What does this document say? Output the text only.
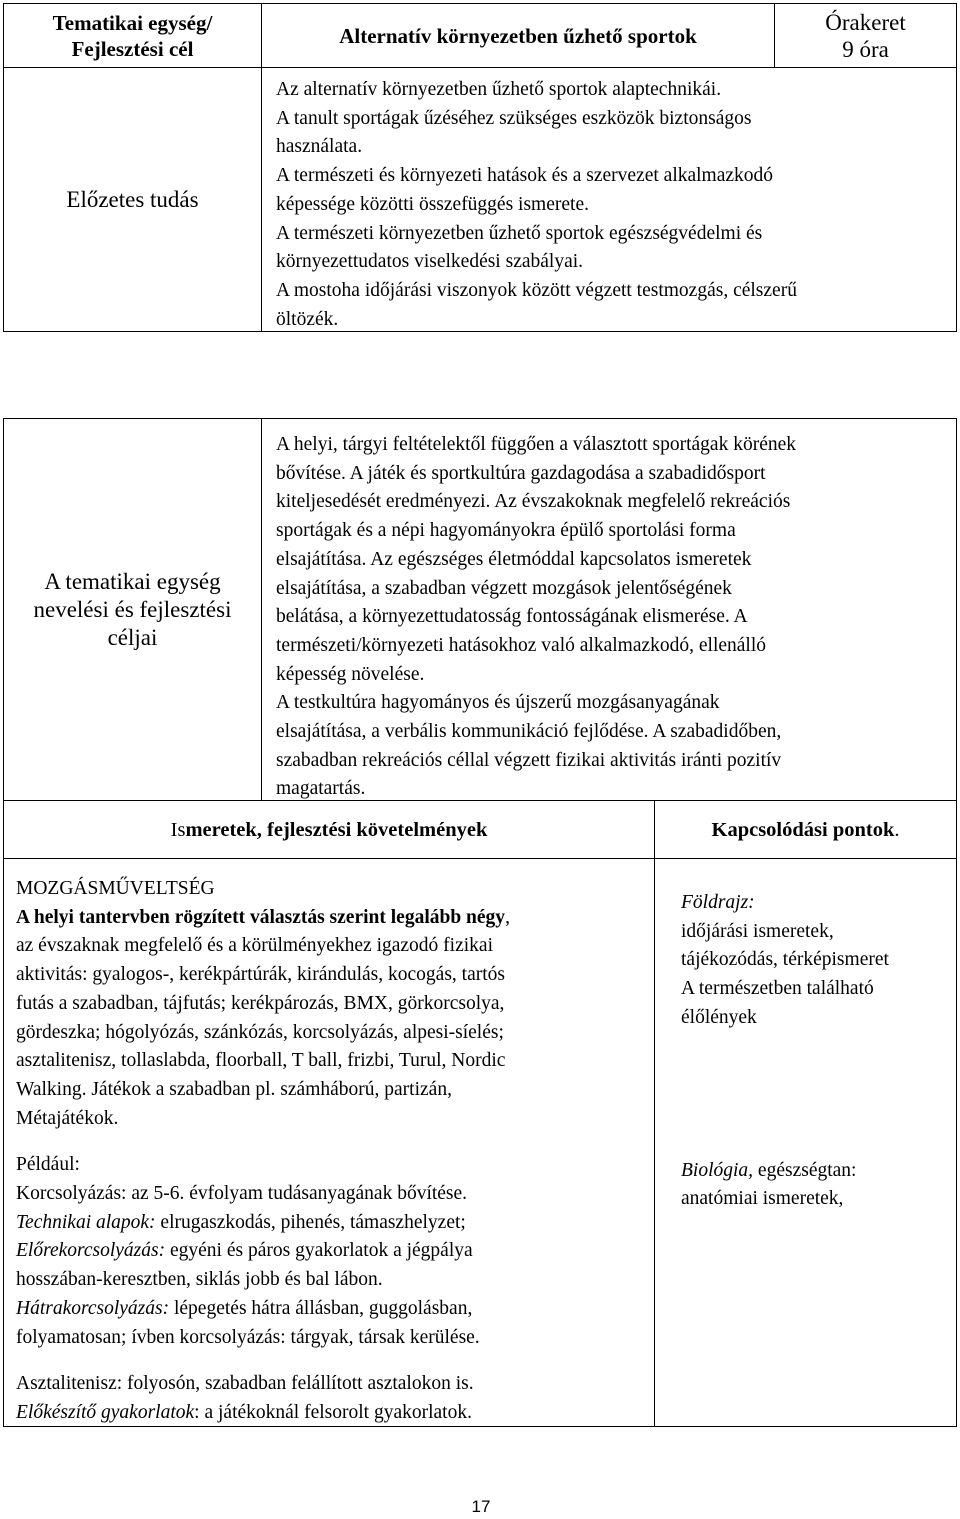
Tematikai egység/
Fejlesztési cél
Alternatív környezetben űzhető sportok
Órakeret
9 óra
Előzetes tudás
Az alternatív környezetben űzhető sportok alaptechnikái.
A tanult sportágak űzéséhez szükséges eszközök biztonságos
használata.
A természeti és környezeti hatások és a szervezet alkalmazkodó
képessége közötti összefüggés ismerete.
A természeti környezetben űzhető sportok egészségvédelmi és
környezettudatos viselkedési szabályai.
A mostoha időjárási viszonyok között végzett testmozgás, célszerű
öltözék.
A tematikai egység
nevelési és fejlesztési
céljai
A helyi, tárgyi feltételektől függően a választott sportágak körének
bővítése. A játék és sportkultúra gazdagodása a szabadidősport
kiteljesedését eredményezi. Az évszakoknak megfelelő rekreációs
sportágak és a népi hagyományokra épülő sportolási forma
elsajátítása. Az egészséges életmóddal kapcsolatos ismeretek
elsajátítása, a szabadban végzett mozgások jelentőségének
belátása, a környezettudatosság fontosságának elismerése. A
természeti/környezeti hatásokhoz való alkalmazkodó, ellenálló
képesség növelése.
A testkultúra hagyományos és újszerű mozgásanyagának
elsajátítása, a verbális kommunikáció fejlődése. A szabadidőben,
szabadban rekreációs céllal végzett fizikai aktivitás iránti pozitív
magatartás.
Ismeretek, fejlesztési követelmények	Kapcsolódási pontok.
MOZGÁSMŰVELTSÉG
A helyi tantervben rögzített választás szerint legalább négy,
az évszaknak megfelelő és a körülményekhez igazodó fizikai
aktivitás: gyalogos-, kerékpártúrák, kirándulás, kocogás, tartós
futás a szabadban, tájfutás; kerékpározás, BMX, görkorcsolya,
gördeszka; hógolyózás, szánkózás, korcsolyázás, alpesi-síelés;
asztalitenisz, tollaslabda, floorball, T ball, frizbi, Turul, Nordic
Walking. Játékok a szabadban pl. számháború, partizán,
Métajátékok.
Például:
Korcsolyázás: az 5-6. évfolyam tudásanyagának bővítése.
Technikai alapok: elrugaszkodás, pihenés, támaszhelyzet;
Előrekorcsolyázás: egyéni és páros gyakorlatok a jégpálya
hosszában-keresztben, siklás jobb és bal lábon.
Hátrakorcsolyázás: lépegetés hátra állásban, guggolásban,
folyamatosan; ívben korcsolyázás: tárgyak, társak kerülése.
Asztalitenisz: folyosón, szabadban felállított asztalokon is.
Előkészítő gyakorlatok: a játékoknál felsorolt gyakorlatok.
Földrajz:
időjárási ismeretek,
tájékozódás, térképismeret
A természetben található
élőlények
Biológia, egészségtan:
anatómiai ismeretek,
17
